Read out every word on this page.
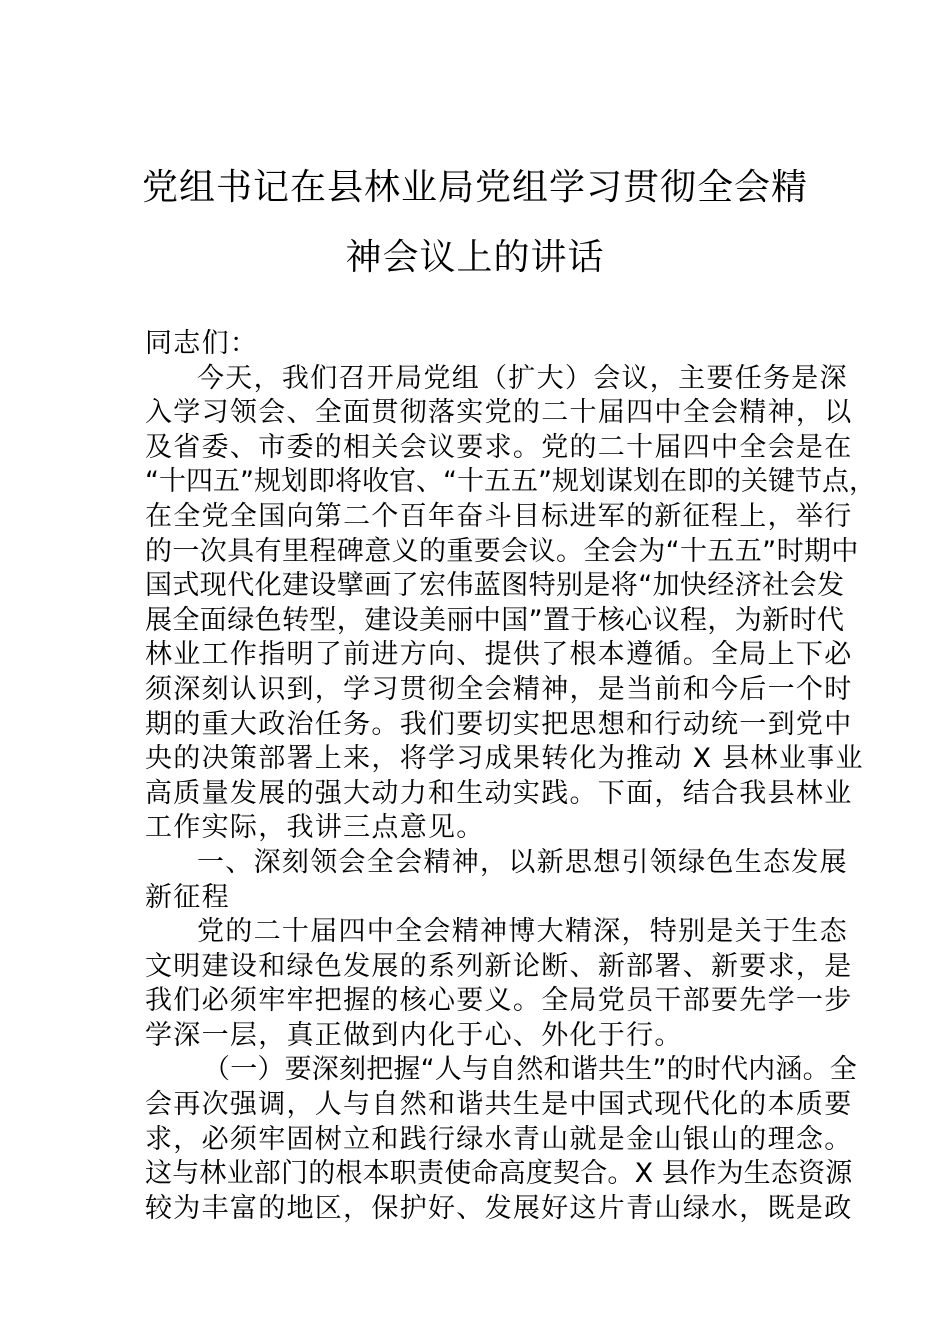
党组书记在县林业局党组学习贯彻全会精
神会议上的讲话
同志们：
今天，我们召开局党组（扩大）会议，主要任务是深
入学习领会、全面贯彻落实党的二十届四中全会精神，以
及省委、市委的相关会议要求。党的二十届四中全会是在
“十四五”规划即将收官、“十五五”规划谋划在即的关键节点，
在全党全国向第二个百年奋斗目标进军的新征程上，举行
的一次具有里程碑意义的重要会议。全会为“十五五”时期中
国式现代化建设擘画了宏伟蓝图特别是将“加快经济社会发
展全面绿色转型，建设美丽中国”置于核心议程，为新时代
林业工作指明了前进方向、提供了根本遵循。全局上下必
须深刻认识到，学习贯彻全会精神，是当前和今后一个时
期的重大政治任务。我们要切实把思想和行动统一到党中
央的决策部署上来，将学习成果转化为推动 X 县林业事业
高质量发展的强大动力和生动实践。下面，结合我县林业
工作实际，我讲三点意见。
一、深刻领会全会精神，以新思想引领绿色生态发展
新征程
党的二十届四中全会精神博大精深，特别是关于生态
文明建设和绿色发展的系列新论断、新部署、新要求，是
我们必须牢牢把握的核心要义。全局党员干部要先学一步
学深一层，真正做到内化于心、外化于行。
（一）要深刻把握“人与自然和谐共生”的时代内涵。全
会再次强调，人与自然和谐共生是中国式现代化的本质要
求，必须牢固树立和践行绿水青山就是金山银山的理念。
这与林业部门的根本职责使命高度契合。X 县作为生态资源
较为丰富的地区，保护好、发展好这片青山绿水，既是政
